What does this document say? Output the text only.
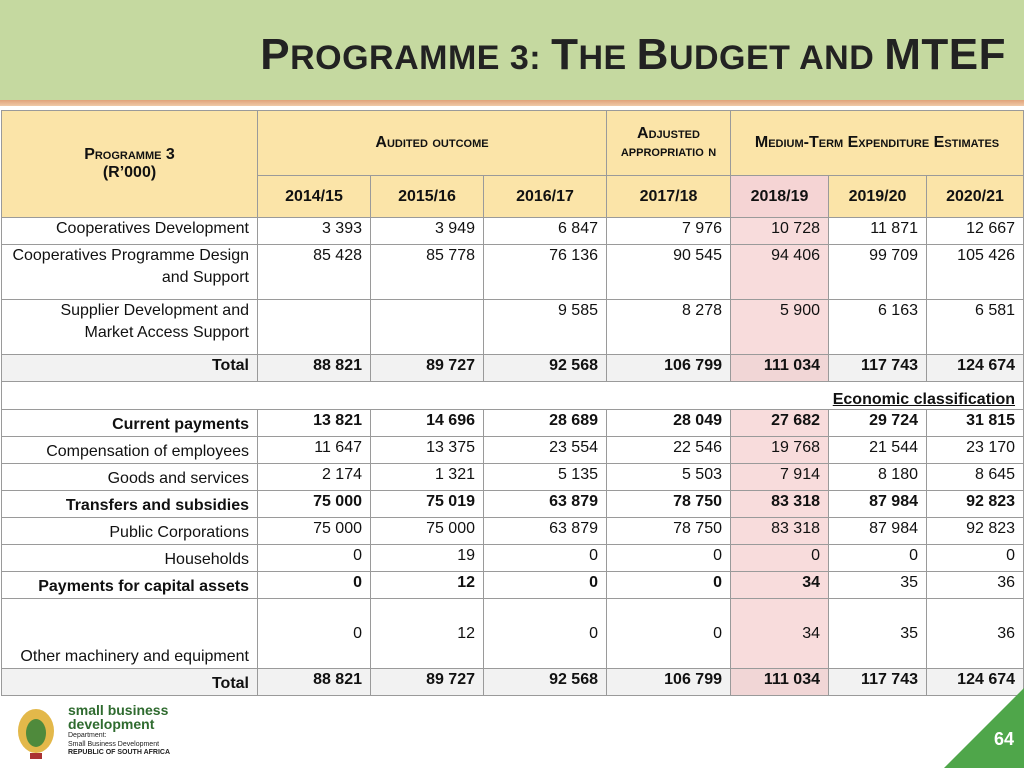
PROGRAMME 3: THE BUDGET AND MTEF
Programme 3
(R’000)	Audited outcome			Adjusted appropriatio n	Medium-Term Expenditure Estimates		
	2014/15	2015/16	2016/17	2017/18	2018/19	2019/20	2020/21
Cooperatives Development	3 393	3 949	6 847	7 976	10 728	11 871	12 667
Cooperatives Programme Design and Support	85 428	85 778	76 136	90 545	94 406	99 709	105 426
Supplier Development and Market Access Support			9 585	8 278	5 900	6 163	6 581
Total	88 821	89 727	92 568	106 799	111 034	117 743	124 674
Economic classification							
Current payments	13 821	14 696	28 689	28 049	27 682	29 724	31 815
Compensation of employees	11 647	13 375	23 554	22 546	19 768	21 544	23 170
Goods and services	2 174	1 321	5 135	5 503	7 914	8 180	8 645
Transfers and subsidies	75 000	75 019	63 879	78 750	83 318	87 984	92 823
Public Corporations	75 000	75 000	63 879	78 750	83 318	87 984	92 823
Households	0	19	0	0	0	0	0
Payments for capital assets	0	12	0	0	34	35	36
Other machinery and equipment	0	12	0	0	34	35	36
Total	88 821	89 727	92 568	106 799	111 034	117 743	124 674
small business
development
Department:
Small Business Development
REPUBLIC OF SOUTH AFRICA
64
